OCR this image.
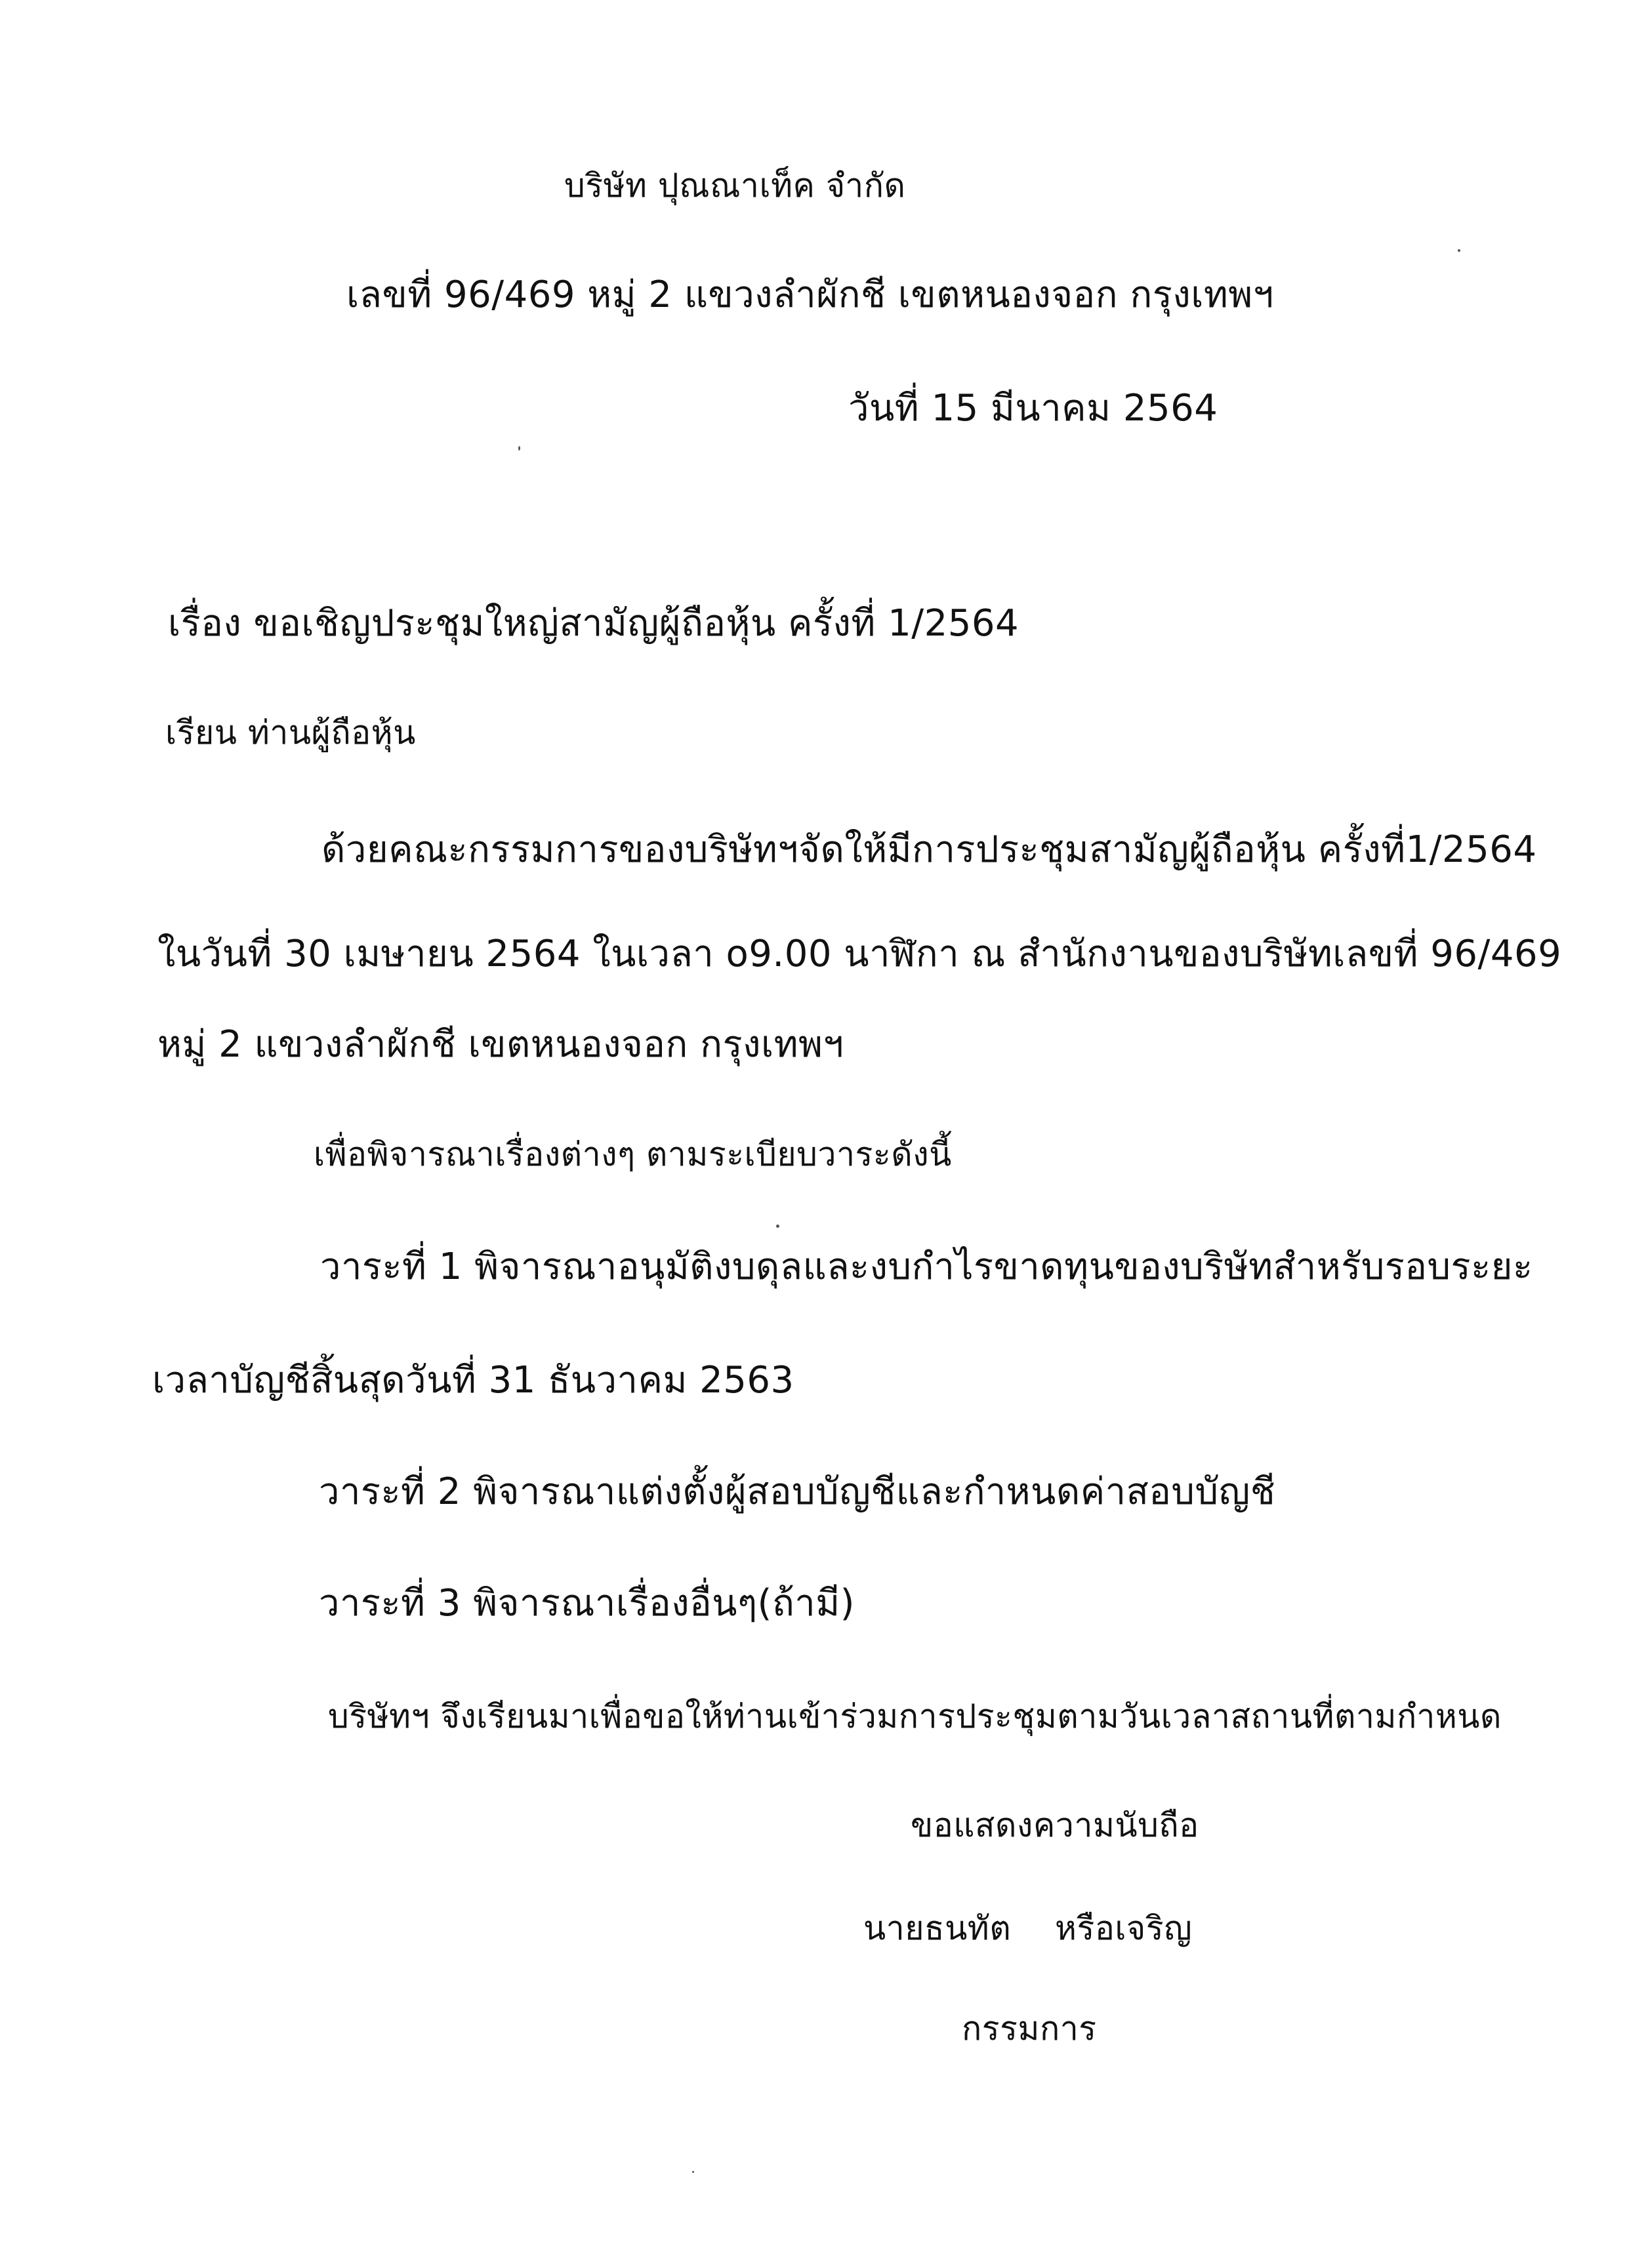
บริษัท ปุณณาเท็ค จำกัด
เลขที่ 96/469 หมู่ 2 แขวงลำผักชี เขตหนองจอก กรุงเทพฯ
วันที่ 15 มีนาคม 2564
เรื่อง ขอเชิญประชุมใหญ่สามัญผู้ถือหุ้น ครั้งที่ 1/2564
เรียน ท่านผู้ถือหุ้น
ด้วยคณะกรรมการของบริษัทฯจัดให้มีการประชุมสามัญผู้ถือหุ้น ครั้งที่1/2564
ในวันที่ 30 เมษายน 2564 ในเวลา o9.00 นาฬิกา ณ สำนักงานของบริษัทเลขที่ 96/469
หมู่ 2 แขวงลำผักชี เขตหนองจอก กรุงเทพฯ
เพื่อพิจารณาเรื่องต่างๆ ตามระเบียบวาระดังนี้
วาระที่ 1 พิจารณาอนุมัติงบดุลและงบกำไรขาดทุนของบริษัทสำหรับรอบระยะ
เวลาบัญชีสิ้นสุดวันที่ 31 ธันวาคม 2563
วาระที่ 2 พิจารณาแต่งตั้งผู้สอบบัญชีและกำหนดค่าสอบบัญชี
วาระที่ 3 พิจารณาเรื่องอื่นๆ(ถ้ามี)
บริษัทฯ จึงเรียนมาเพื่อขอให้ท่านเข้าร่วมการประชุมตามวันเวลาสถานที่ตามกำหนด
ขอแสดงความนับถือ
นายธนทัต หรือเจริญ
กรรมการ
